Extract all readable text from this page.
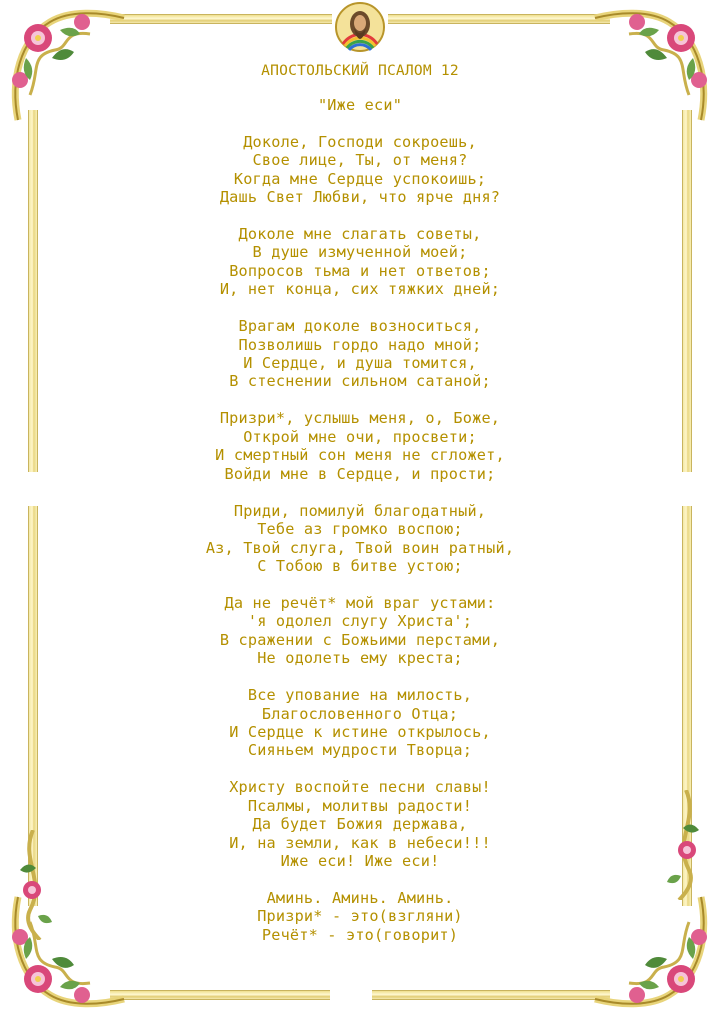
АПОСТОЛЬСКИЙ ПСАЛОМ 12
"Иже еси"
Доколе, Господи сокроешь,
Свое лице, Ты, от меня?
Когда мне Сердце успокоишь;
Дашь Свет Любви, что ярче дня?
Доколе мне слагать советы,
В душе измученной моей;
Вопросов тьма и нет ответов;
И, нет конца, сих тяжких дней;
Врагам доколе возноситься,
Позволишь гордо надо мной;
И Сердце, и душа томится,
В стеснении сильном сатаной;
Призри*, услышь меня, о, Боже,
Открой мне очи, просвети;
И смертный сон меня не сгложет,
Войди мне в Сердце, и прости;
Приди, помилуй благодатный,
Тебе аз громко воспою;
Аз, Твой слуга, Твой воин ратный,
С Тобою в битве устою;
Да не речёт* мой враг устами:
'я одолел слугу Христа';
В сражении с Божьими перстами,
Не одолеть ему креста;
Все упование на милость,
Благословенного Отца;
И Сердце к истине открылось,
Сияньем мудрости Творца;
Христу воспойте песни славы!
Псалмы, молитвы радости!
Да будет Божия держава,
И, на земли, как в небеси!!!
Иже еси! Иже еси!
Аминь. Аминь. Аминь.
Призри* - это(взгляни)
Речёт* - это(говорит)
